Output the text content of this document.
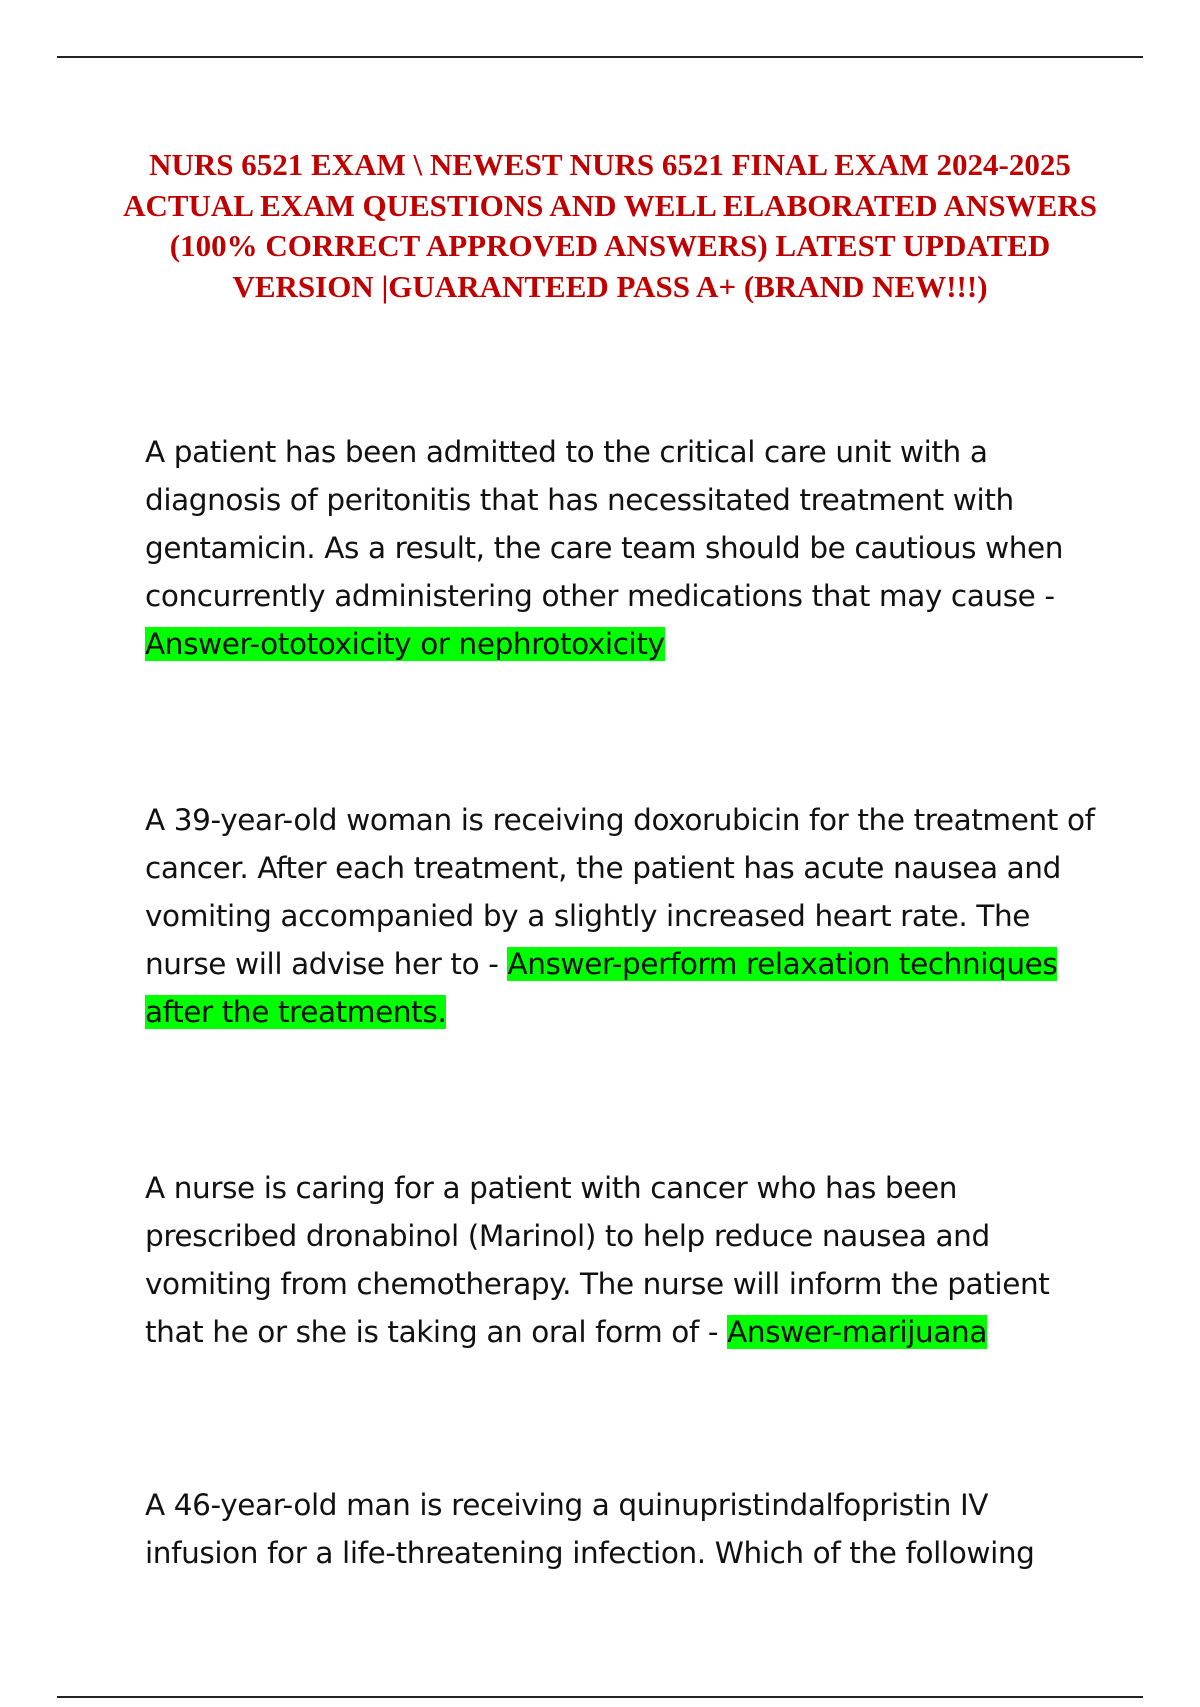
NURS 6521 EXAM \ NEWEST NURS 6521 FINAL EXAM 2024-2025 ACTUAL EXAM QUESTIONS AND WELL ELABORATED ANSWERS (100% CORRECT APPROVED ANSWERS) LATEST UPDATED VERSION |GUARANTEED PASS A+ (BRAND NEW!!!)

A patient has been admitted to the critical care unit with a diagnosis of peritonitis that has necessitated treatment with gentamicin. As a result, the care team should be cautious when concurrently administering other medications that may cause -
Answer-ototoxicity or nephrotoxicity

A 39-year-old woman is receiving doxorubicin for the treatment of cancer. After each treatment, the patient has acute nausea and vomiting accompanied by a slightly increased heart rate. The nurse will advise her to - Answer-perform relaxation techniques after the treatments.

A nurse is caring for a patient with cancer who has been prescribed dronabinol (Marinol) to help reduce nausea and vomiting from chemotherapy. The nurse will inform the patient that he or she is taking an oral form of - Answer-marijuana

A 46-year-old man is receiving a quinupristindalfopristin IV infusion for a life-threatening infection. Which of the following
